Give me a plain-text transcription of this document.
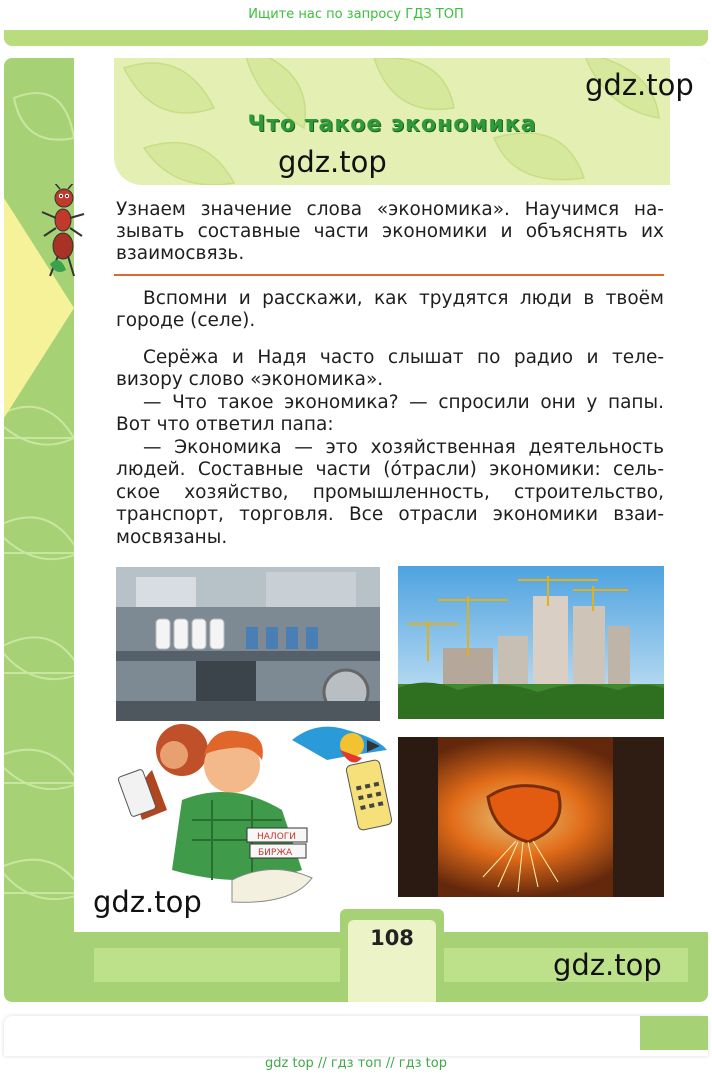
Ищите нас по запросу ГДЗ ТОП
108
Что такое экономика
Узнаем значение слова «экономика». Научимся на-
зывать составные части экономики и объяснять их
взаимосвязь.
Вспомни и расскажи, как трудятся люди в твоём
городе (селе).
Серёжа и Надя часто слышат по радио и теле-
визору слово «экономика».
— Что такое экономика? — спросили они у папы.
Вот что ответил папа:
— Экономика — это хозяйственная деятельность
людей. Составные части (о́трасли) экономики: сель-
ское хозяйство, промышленность, строительство,
транспорт, торговля. Все отрасли экономики взаи-
мосвязаны.
НАЛОГИ
БИРЖА
gdz.top
gdz.top
gdz.top
gdz.top
gdz top // гдз топ // гдз top
